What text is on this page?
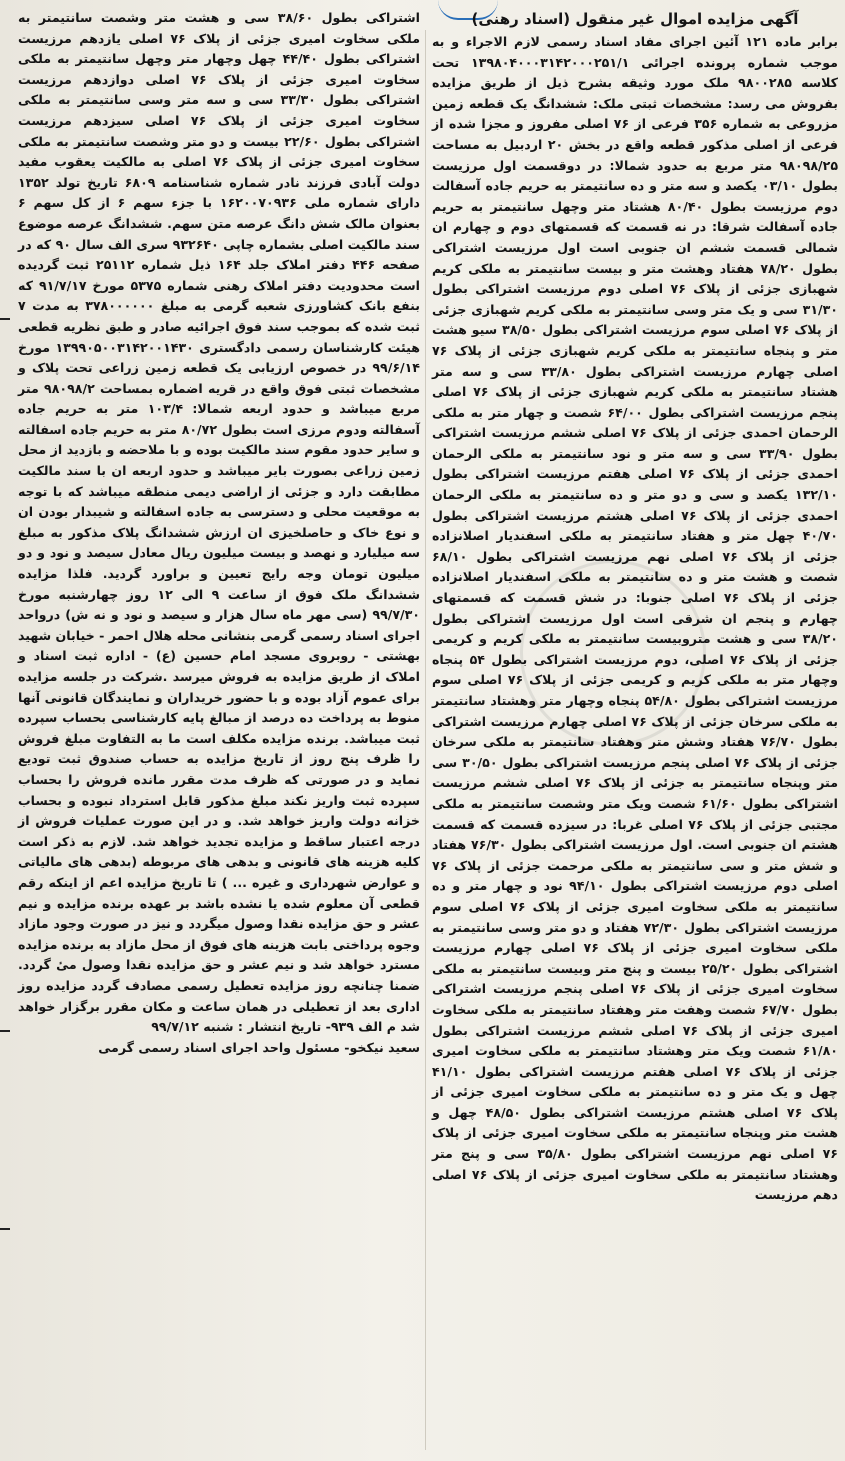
آگهی مزایده اموال غیر منقول (اسناد رهنی)

برابر ماده ۱۲۱ آئین اجرای مفاد اسناد رسمی لازم الاجراء و به موجب شماره پرونده اجرائی ۱۳۹۸۰۴۰۰۰۳۱۴۲۰۰۰۲۵۱/۱ تحت کلاسه ۹۸۰۰۲۸۵ ملک مورد وثیقه بشرح ذیل از طریق مزایده بفروش می رسد: مشخصات ثبتی ملک: ششدانگ یک قطعه زمین مزروعی به شماره ۳۵۶ فرعی از ۷۶ اصلی مفروز و مجزا شده از فرعی از اصلی مذکور قطعه واقع در بخش ۲۰ اردبیل به مساحت ۹۸۰۹۸/۲۵ متر مربع به حدود شمالا: در دوقسمت اول مرزیست بطول ۰۳/۱۰ یکصد و سه متر و ده سانتیمتر به حریم جاده آسفالت دوم مرزیست بطول ۸۰/۴۰ هشتاد متر وچهل سانتیمتر به حریم جاده آسفالت شرقا: در نه قسمت که قسمتهای دوم و چهارم ان شمالی قسمت ششم ان جنوبی است اول مرزیست اشتراکی بطول ۷۸/۲۰ هفتاد وهشت متر و بیست سانتیمتر به ملکی کریم شهبازی جزئی از پلاک ۷۶ اصلی دوم مرزیست اشتراکی بطول ۳۱/۳۰ سی و یک متر وسی سانتیمتر به ملکی کریم شهبازی جزئی از پلاک ۷۶ اصلی سوم مرزیست اشتراکی بطول ۳۸/۵۰ سیو هشت متر و پنجاه سانتیمتر به ملکی کریم شهبازی جزئی از پلاک ۷۶ اصلی چهارم مرزیست اشتراکی بطول ۳۳/۸۰ سی و سه متر هشتاد سانتیمتر به ملکی کریم شهبازی جزئی از پلاک ۷۶ اصلی پنجم مرزیست اشتراکی بطول ۶۴/۰۰ شصت و چهار متر به ملکی الرحمان احمدی جزئی از پلاک ۷۶ اصلی ششم مرزیست اشتراکی بطول ۳۳/۹۰ سی و سه متر و نود سانتیمتر به ملکی الرحمان احمدی جزئی از پلاک ۷۶ اصلی هفتم مرزیست اشتراکی بطول ۱۳۲/۱۰ یکصد و سی و دو متر و ده سانتیمتر به ملکی الرحمان احمدی جزئی از پلاک ۷۶ اصلی هشتم مرزیست اشتراکی بطول ۴۰/۷۰ چهل متر و هفتاد سانتیمتر به ملکی اسفندیار اصلانزاده جزئی از پلاک ۷۶ اصلی نهم مرزیست اشتراکی بطول ۶۸/۱۰ شصت و هشت متر و ده سانتیمتر به ملکی اسفندیار اصلانزاده جزئی از پلاک ۷۶ اصلی جنوبا: در شش قسمت که قسمتهای چهارم و پنجم ان شرقی است اول مرزیست اشتراکی بطول ۳۸/۲۰ سی و هشت متروبیست سانتیمتر به ملکی کریم و کریمی جزئی از پلاک ۷۶ اصلی، دوم مرزیست اشتراکی بطول ۵۴ پنجاه وچهار متر به ملکی کریم و کریمی جزئی از پلاک ۷۶ اصلی سوم مرزیست اشتراکی بطول ۵۴/۸۰ پنجاه وچهار متر وهشتاد سانتیمتر به ملکی سرخان جزئی از پلاک ۷۶ اصلی چهارم مرزیست اشتراکی بطول ۷۶/۷۰ هفتاد وشش متر وهفتاد سانتیمتر به ملکی سرخان جزئی از پلاک ۷۶ اصلی پنجم مرزیست اشتراکی بطول ۳۰/۵۰ سی متر وپنجاه سانتیمتر به جزئی از پلاک ۷۶ اصلی ششم مرزیست اشتراکی بطول ۶۱/۶۰ شصت ویک متر وشصت سانتیمتر به ملکی مجتبی جزئی از پلاک ۷۶ اصلی غربا: در سیزده قسمت که قسمت هشتم ان جنوبی است. اول مرزیست اشتراکی بطول ۷۶/۳۰ هفتاد و شش متر و سی سانتیمتر به ملکی مرحمت جزئی از پلاک ۷۶ اصلی دوم مرزیست اشتراکی بطول ۹۴/۱۰ نود و چهار متر و ده سانتیمتر به ملکی سخاوت امیری جزئی از پلاک ۷۶ اصلی سوم مرزیست اشتراکی بطول ۷۲/۳۰ هفتاد و دو متر وسی سانتیمتر به ملکی سخاوت امیری جزئی از پلاک ۷۶ اصلی چهارم مرزیست اشتراکی بطول ۲۵/۲۰ بیست و پنج متر وبیست سانتیمتر به ملکی سخاوت امیری جزئی از پلاک ۷۶ اصلی پنجم مرزیست اشتراکی بطول ۶۷/۷۰ شصت وهفت متر وهفتاد سانتیمتر به ملکی سخاوت امیری جزئی از پلاک ۷۶ اصلی ششم مرزیست اشتراکی بطول ۶۱/۸۰ شصت ویک متر وهشتاد سانتیمتر به ملکی سخاوت امیری جزئی از پلاک ۷۶ اصلی هفتم مرزیست اشتراکی بطول ۴۱/۱۰ چهل و یک متر و ده سانتیمتر به ملکی سخاوت امیری جزئی از پلاک ۷۶ اصلی هشتم مرزیست اشتراکی بطول ۴۸/۵۰ چهل و هشت متر وپنجاه سانتیمتر به ملکی سخاوت امیری جزئی از پلاک ۷۶ اصلی نهم مرزیست اشتراکی بطول ۳۵/۸۰ سی و پنج متر وهشتاد سانتیمتر به ملکی سخاوت امیری جزئی از پلاک ۷۶ اصلی دهم مرزیست

اشتراکی بطول ۳۸/۶۰ سی و هشت متر وشصت سانتیمتر به ملکی سخاوت امیری جزئی از پلاک ۷۶ اصلی یازدهم مرزیست اشتراکی بطول ۴۴/۴۰ چهل وچهار متر وچهل سانتیمتر به ملکی سخاوت امیری جزئی از پلاک ۷۶ اصلی دوازدهم مرزیست اشتراکی بطول ۳۳/۳۰ سی و سه متر وسی سانتیمتر به ملکی سخاوت امیری جزئی از پلاک ۷۶ اصلی سیزدهم مرزیست اشتراکی بطول ۲۲/۶۰ بیست و دو متر وشصت سانتیمتر به ملکی سخاوت امیری جزئی از پلاک ۷۶ اصلی به مالکیت یعقوب مفید دولت آبادی فرزند نادر شماره شناسنامه ۶۸۰۹ تاریخ تولد ۱۳۵۲ دارای شماره ملی ۱۶۲۰۰۷۰۹۳۶ با جزء سهم ۶ از کل سهم ۶ بعنوان مالک شش دانگ عرصه متن سهم. ششدانگ عرصه موضوع سند مالکیت اصلی بشماره چاپی ۹۳۲۶۴۰ سری الف سال ۹۰ که در صفحه ۴۴۶ دفتر املاک جلد ۱۶۴ ذیل شماره ۲۵۱۱۲ ثبت گردیده است محدودیت دفتر املاک رهنی شماره ۵۳۷۵ مورخ ۹۱/۷/۱۷ که بنفع بانک کشاورزی شعبه گرمی به مبلغ ۳۷۸۰۰۰۰۰۰ به مدت ۷ ثبت شده که بموجب سند فوق اجرائیه صادر و طبق نظریه قطعی هیئت کارشناسان رسمی دادگستری ۱۳۹۹۰۵۰۰۳۱۴۲۰۰۱۴۳۰ مورخ ۹۹/۶/۱۴ در خصوص ارزیابی یک قطعه زمین زراعی تحت پلاک و مشخصات ثبتی فوق واقع در قریه اضماره بمساحت ۹۸۰۹۸/۲ متر مربع میباشد و حدود اربعه شمالا: ۱۰۳/۴ متر به حریم جاده آسفالته ودوم مرزی است بطول ۸۰/۷۲ متر به حریم جاده اسفالته و سایر حدود مقوم سند مالکیت بوده و با ملاحضه و بازدید از محل زمین زراعی بصورت بایر میباشد و حدود اربعه ان با سند مالکیت مطابقت دارد و جزئی از اراضی دیمی منطقه میباشد که با توجه به موقعیت محلی و دسترسی به جاده اسفالته و شیبدار بودن ان و نوع خاک و حاصلخیزی ان ارزش ششدانگ پلاک مذکور به مبلغ سه میلیارد و نهصد و بیست میلیون ریال معادل سیصد و نود و دو میلیون تومان وجه رایج تعیین و براورد گردید. فلذا مزایده ششدانگ ملک فوق از ساعت ۹ الی ۱۲ روز چهارشنبه مورخ ۹۹/۷/۳۰ (سی مهر ماه سال هزار و سیصد و نود و نه ش) درواحد اجرای اسناد رسمی گرمی بنشانی محله هلال احمر - خیابان شهید بهشتی - روبروی مسجد امام حسین (ع) - اداره ثبت اسناد و املاک از طریق مزایده به فروش میرسد .شرکت در جلسه مزایده برای عموم آزاد بوده و با حضور خریداران و نمایندگان قانونی آنها منوط به پرداخت ده درصد از مبالغ پایه کارشناسی بحساب سپرده ثبت میباشد. برنده مزایده مکلف است ما به التفاوت مبلغ فروش را ظرف پنج روز از تاریخ مزایده به حساب صندوق ثبت تودیع نماید و در صورتی که ظرف مدت مقرر مانده فروش را بحساب سپرده ثبت واریز نکند مبلغ مذکور قابل استرداد نبوده و بحساب خزانه دولت واریز خواهد شد. و در این صورت عملیات فروش از درجه اعتبار ساقط و مزایده تجدید خواهد شد. لازم به ذکر است کلیه هزینه های قانونی و بدهی های مربوطه (بدهی های مالیاتی و عوارض شهرداری و غیره ... ) تا تاریخ مزایده اعم از اینکه رقم قطعی آن معلوم شده یا نشده باشد بر عهده برنده مزایده و نیم عشر و حق مزایده نقدا وصول میگردد و نیز در صورت وجود مازاد وجوه پرداختی بابت هزینه های فوق از محل مازاد به برنده مزایده مسترد خواهد شد و نیم عشر و حق مزایده نقدا وصول میٔ گردد. ضمنا چنانچه روز مزایده تعطیل رسمی مصادف گردد مزایده روز اداری بعد از تعطیلی در همان ساعت و مکان مقرر برگزار خواهد شد م الف ۹۳۹- تاریخ انتشار : شنبه ۹۹/۷/۱۲

سعید نیکخو- مسئول واحد اجرای اسناد رسمی گرمی
